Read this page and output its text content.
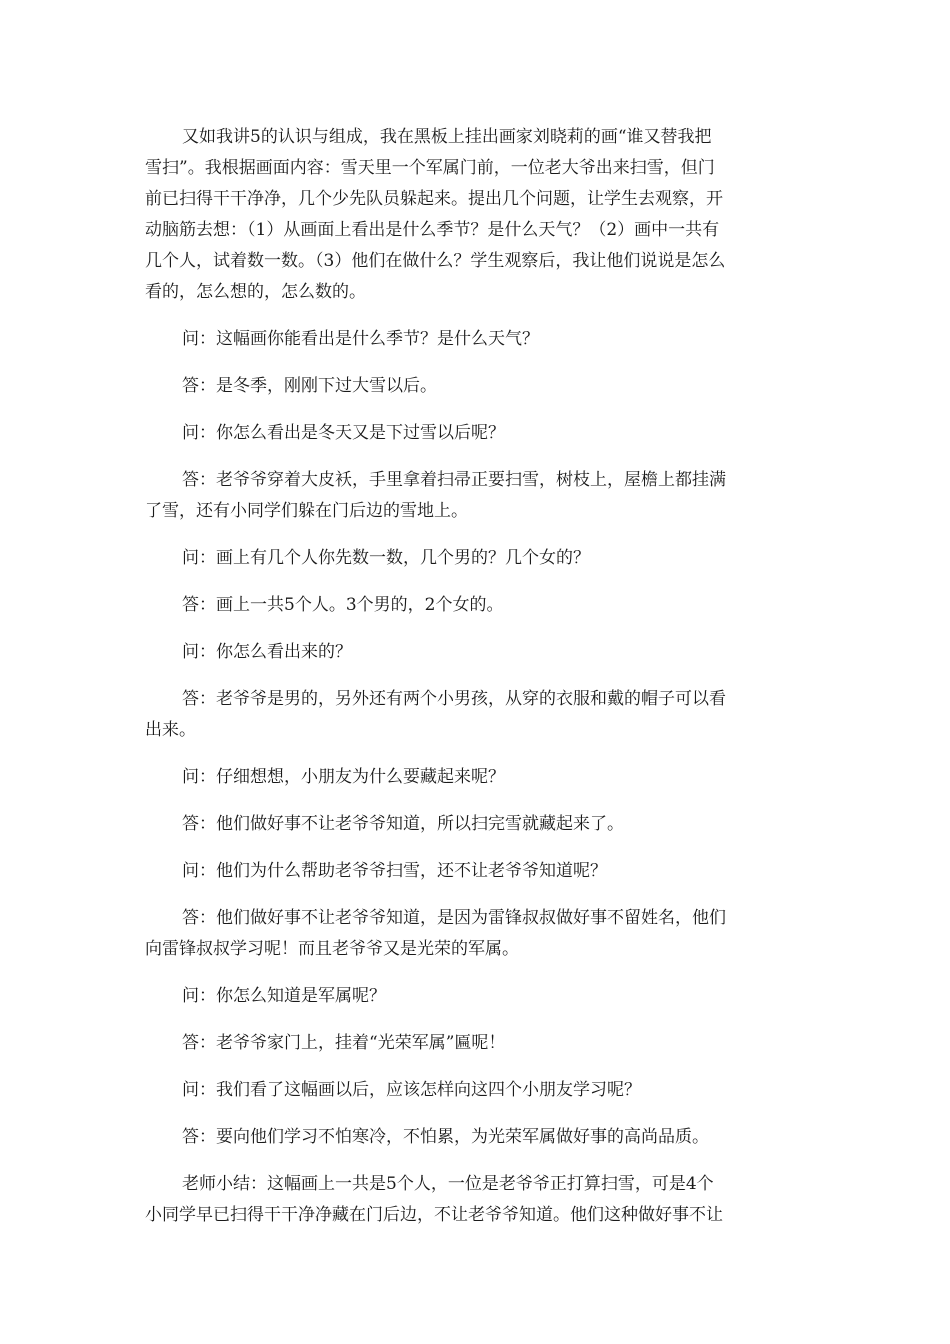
又如我讲5的认识与组成，我在黑板上挂出画家刘晓莉的画“谁又替我把
雪扫”。我根据画面内容：雪天里一个军属门前，一位老大爷出来扫雪，但门
前已扫得干干净净，几个少先队员躲起来。提出几个问题，让学生去观察，开
动脑筋去想：（1）从画面上看出是什么季节？是什么天气？（2）画中一共有
几个人，试着数一数。（3）他们在做什么？学生观察后，我让他们说说是怎么
看的，怎么想的，怎么数的。

问：这幅画你能看出是什么季节？是什么天气？

答：是冬季，刚刚下过大雪以后。

问：你怎么看出是冬天又是下过雪以后呢？

答：老爷爷穿着大皮袄，手里拿着扫帚正要扫雪，树枝上，屋檐上都挂满
了雪，还有小同学们躲在门后边的雪地上。

问：画上有几个人你先数一数，几个男的？几个女的？

答：画上一共5个人。3个男的，2个女的。

问：你怎么看出来的？

答：老爷爷是男的，另外还有两个小男孩，从穿的衣服和戴的帽子可以看
出来。

问：仔细想想，小朋友为什么要藏起来呢？

答：他们做好事不让老爷爷知道，所以扫完雪就藏起来了。

问：他们为什么帮助老爷爷扫雪，还不让老爷爷知道呢？

答：他们做好事不让老爷爷知道，是因为雷锋叔叔做好事不留姓名，他们
向雷锋叔叔学习呢！而且老爷爷又是光荣的军属。

问：你怎么知道是军属呢？

答：老爷爷家门上，挂着“光荣军属”匾呢！

问：我们看了这幅画以后，应该怎样向这四个小朋友学习呢？

答：要向他们学习不怕寒冷，不怕累，为光荣军属做好事的高尚品质。

老师小结：这幅画上一共是5个人，一位是老爷爷正打算扫雪，可是4个
小同学早已扫得干干净净藏在门后边，不让老爷爷知道。他们这种做好事不让
